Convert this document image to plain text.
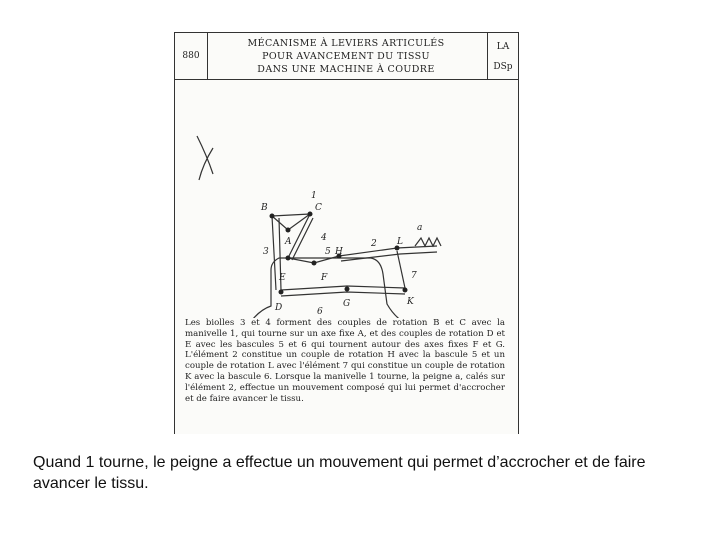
880
MÉCANISME À LEVIERS ARTICULÉS
POUR AVANCEMENT DU TISSU
DANS UNE MACHINE À COUDRE
LA
DSp
B	C
1
4
3
A
5 H
2 L
a
E	F	7
D	G	K
6
Les biolles 3 et 4 forment des couples de rotation B et C avec la manivelle 1, qui tourne sur un axe fixe A, et des couples de rotation D et E avec les bascules 5 et 6 qui tournent autour des axes fixes F et G. L'élément 2 constitue un couple de rotation H avec la bascule 5 et un couple de rotation L avec l'élément 7 qui constitue un couple de rotation K avec la bascule 6. Lorsque la manivelle 1 tourne, la peigne a, calés sur l'élément 2, effectue un mouvement composé qui lui permet d'accrocher et de faire avancer le tissu.
Quand 1 tourne, le peigne a effectue un mouvement qui permet d’accrocher et de faire avancer le tissu.
